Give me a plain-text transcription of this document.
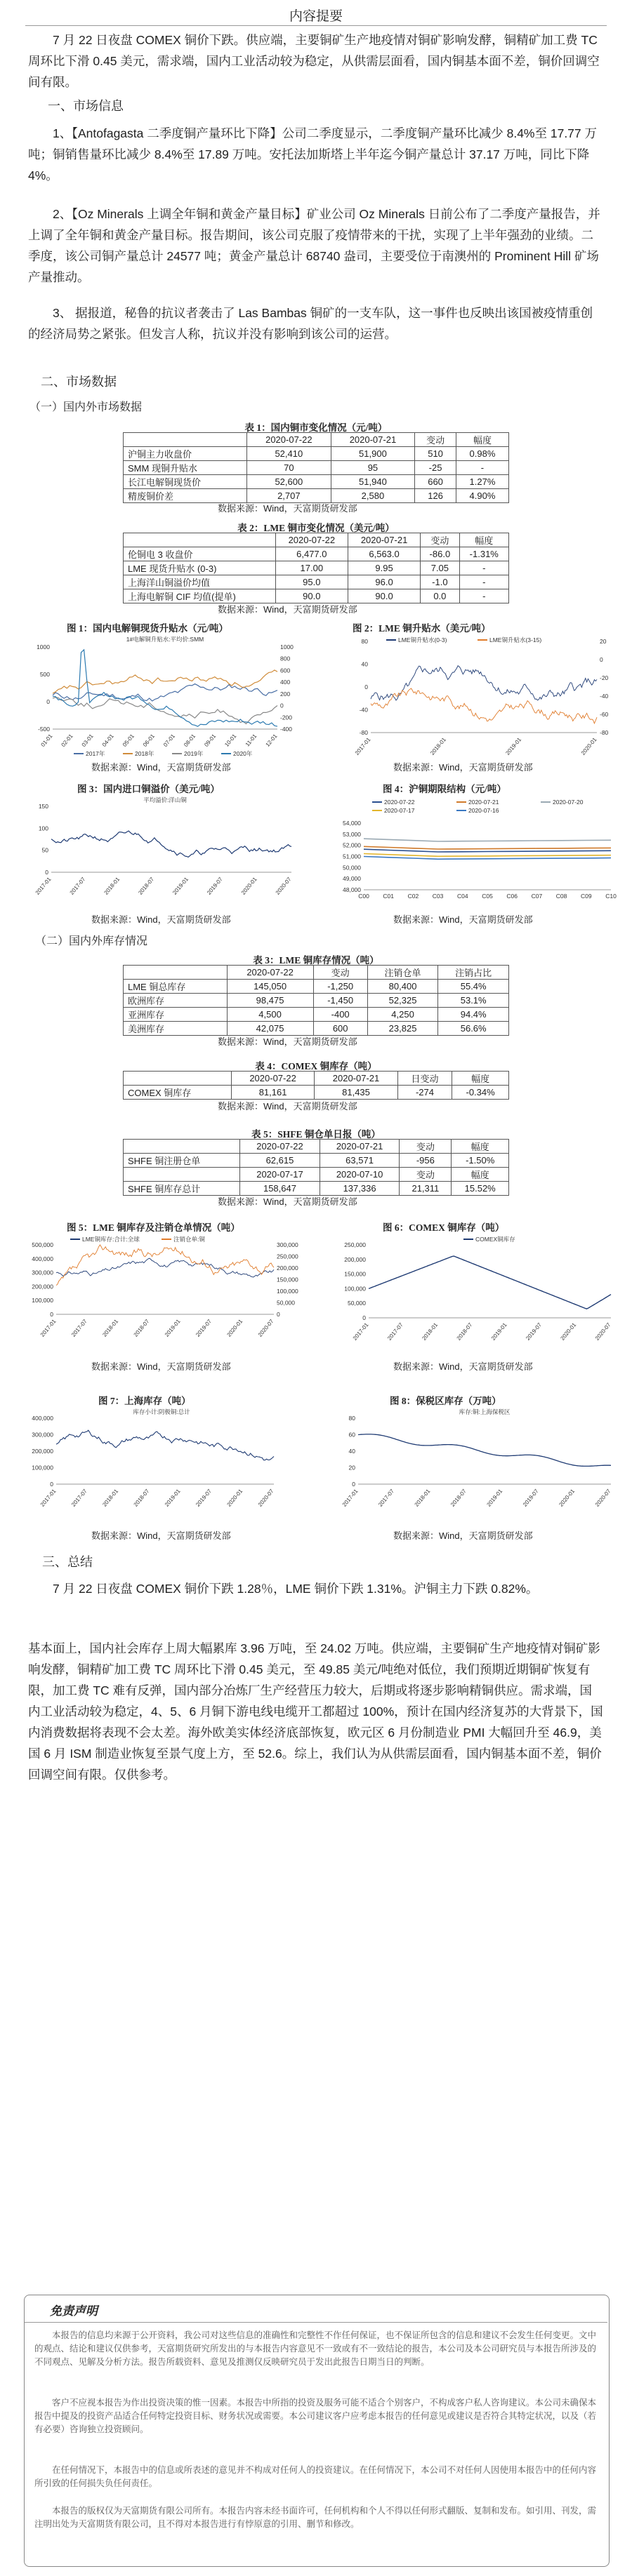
内容提要

7 月 22 日夜盘 COMEX 铜价下跌。供应端，主要铜矿生产地疫情对铜矿影响发酵，铜精矿加工费 TC 周环比下滑 0.45 美元，需求端，国内工业活动较为稳定，从供需层面看，国内铜基本面不差，铜价回调空间有限。

一、市场信息

1、【Antofagasta 二季度铜产量环比下降】公司二季度显示，二季度铜产量环比减少 8.4%至 17.77 万吨；铜销售量环比减少 8.4%至 17.89 万吨。安托法加斯塔上半年迄今铜产量总计 37.17 万吨，同比下降 4%。

2、【Oz Minerals 上调全年铜和黄金产量目标】矿业公司 Oz Minerals 日前公布了二季度产量报告，并上调了全年铜和黄金产量目标。报告期间，该公司克服了疫情带来的干扰，实现了上半年强劲的业绩。二季度，该公司铜产量总计 24577 吨；黄金产量总计 68740 盎司，主要受位于南澳州的 Prominent Hill 矿场产量推动。

3、 据报道，秘鲁的抗议者袭击了 Las Bambas 铜矿的一支车队，这一事件也反映出该国被疫情重创的经济局势之紧张。但发言人称，抗议并没有影响到该公司的运营。

二、市场数据
（一）国内外市场数据
表 1：国内铜市变化情况（元/吨）
	2020-07-22	2020-07-21	变动	幅度
沪铜主力收盘价	52,410	51,900	510	0.98%
SMM 现铜升贴水	70	95	-25	-
长江电解铜现货价	52,600	51,940	660	1.27%
精废铜价差	2,707	2,580	126	4.90%
数据来源：Wind，天富期货研发部
表 2：LME 铜市变化情况（美元/吨）
	2020-07-22	2020-07-21	变动	幅度
伦铜电 3 收盘价	6,477.0	6,563.0	-86.0	-1.31%
LME 现货升贴水 (0-3)	17.00	9.95	7.05	-
上海洋山铜溢价均值	95.0	96.0	-1.0	-
上海电解铜 CIF 均值(提单)	90.0	90.0	0.0	-
数据来源：Wind，天富期货研发部
图 1：国内电解铜现货升贴水（元/吨）	图 2：LME 铜升贴水（美元/吨）
1#电解铜升贴水:平均价:SMM
1000
500
0
-500
1000
800
600
400
200
0
-200
-400
01-01 02-01 03-01 04-01 05-01 06-01 07-01 08-01 09-01 10-01 11-01 12-01
2017年	2018年	2019年	2020年
80
40
0
-40
-80
20
0
-20
-40
-60
-80
2017-01	2018-01	2019-01	2020-01
LME铜升贴水(0-3)	LME铜升贴水(3-15)
数据来源：Wind，天富期货研发部	数据来源：Wind，天富期货研发部
图 3：国内进口铜溢价（美元/吨）	图 4：沪铜期限结构（元/吨）
平均溢价:洋山铜
150
100
50
0
2017-01	2017-07	2018-01	2018-07	2019-01	2019-07	2020-01	2020-07
54,000
53,000
52,000
51,000
50,000
49,000
48,000
C00 C01 C02 C03 C04 C05 C06 C07 C08 C09 C10
2020-07-22	2020-07-21	2020-07-20
2020-07-17	2020-07-16
数据来源：Wind，天富期货研发部	数据来源：Wind，天富期货研发部
（二）国内外库存情况
表 3：LME 铜库存情况（吨）
	2020-07-22	变动	注销仓单	注销占比
LME 铜总库存	145,050	-1,250	80,400	55.4%
欧洲库存	98,475	-1,450	52,325	53.1%
亚洲库存	4,500	-400	4,250	94.4%
美洲库存	42,075	600	23,825	56.6%
数据来源：Wind，天富期货研发部
表 4：COMEX 铜库存（吨）
	2020-07-22	2020-07-21	日变动	幅度
COMEX 铜库存	81,161	81,435	-274	-0.34%
数据来源：Wind，天富期货研发部
表 5：SHFE 铜仓单日报（吨）
	2020-07-22	2020-07-21	变动	幅度
SHFE 铜注册仓单	62,615	63,571	-956	-1.50%
	2020-07-17	2020-07-10	变动	幅度
SHFE 铜库存总计	158,647	137,336	21,311	15.52%
数据来源：Wind，天富期货研发部
图 5：LME 铜库存及注销仓单情况（吨）	图 6：COMEX 铜库存（吨）
500,000
400,000
300,000
200,000
100,000
0
300,000
250,000
200,000
150,000
100,000
50,000
0
2017-01 2017-07 2018-01 2018-07 2019-01 2019-07 2020-01 2020-07
LME铜库存:合计:全球	注销仓单:铜
250,000
200,000
150,000
100,000
50,000
0
2017-01	2017-07	2018-01	2018-07	2019-01	2019-07	2020-01	2020-07
COMEX铜库存
数据来源：Wind，天富期货研发部	数据来源：Wind，天富期货研发部
图 7：上海库存（吨）	图 8：保税区库存（万吨）
库存小计:阴极铜:总计
400,000
300,000
200,000
100,000
0
2017-01 2017-07 2018-01 2018-07 2019-01 2019-07 2020-01 2020-07
库存:铜:上海保税区
80
60
40
20
0
2017-01	2017-07	2018-01	2018-07	2019-01	2019-07	2020-01	2020-07
数据来源：Wind，天富期货研发部	数据来源：Wind，天富期货研发部
三、总结

7 月 22 日夜盘 COMEX 铜价下跌 1.28％，LME 铜价下跌 1.31%。沪铜主力下跌 0.82%。

基本面上，国内社会库存上周大幅累库 3.96 万吨，至 24.02 万吨。供应端，主要铜矿生产地疫情对铜矿影响发酵，铜精矿加工费 TC 周环比下滑 0.45 美元，至 49.85 美元/吨绝对低位，我们预期近期铜矿恢复有限，加工费 TC 难有反弹，国内部分冶炼厂生产经营压力较大，后期或将逐步影响精铜供应。需求端，国内工业活动较为稳定，4、5、6 月铜下游电线电缆开工都超过 100%，预计在国内经济复苏的大背景下，国内消费数据将表现不会太差。海外欧美实体经济底部恢复，欧元区 6 月份制造业 PMI 大幅回升至 46.9，美国 6 月 ISM 制造业恢复至景气度上方，至 52.6。综上，我们认为从供需层面看，国内铜基本面不差，铜价回调空间有限。仅供参考。

免责声明

本报告的信息均来源于公开资料，我公司对这些信息的准确性和完整性不作任何保证，也不保证所包含的信息和建议不会发生任何变更。文中的观点、结论和建议仅供参考，天富期货研究所发出的与本报告内容意见不一致或有不一致结论的报告，本公司及本公司研究员与本报告所涉及的不同观点、见解及分析方法。报告所载资料、意见及推测仅反映研究员于发出此报告日期当日的判断。

客户不应视本报告为作出投资决策的惟一因素。本报告中所指的投资及服务可能不适合个别客户，不构成客户私人咨询建议。本公司未确保本报告中提及的投资产品适合任何特定投资目标、财务状况或需要。本公司建议客户应考虑本报告的任何意见或建议是否符合其特定状况，以及（若有必要）咨询独立投资顾问。

在任何情况下，本报告中的信息或所表述的意见并不构成对任何人的投资建议。在任何情况下，本公司不对任何人因使用本报告中的任何内容所引致的任何损失负任何责任。

本报告的版权仅为天富期货有限公司所有。本报告内容未经书面许可，任何机构和个人不得以任何形式翻版、复制和发布。如引用、刊发，需注明出处为天富期货有限公司，且不得对本报告进行有悖原意的引用、删节和修改。
